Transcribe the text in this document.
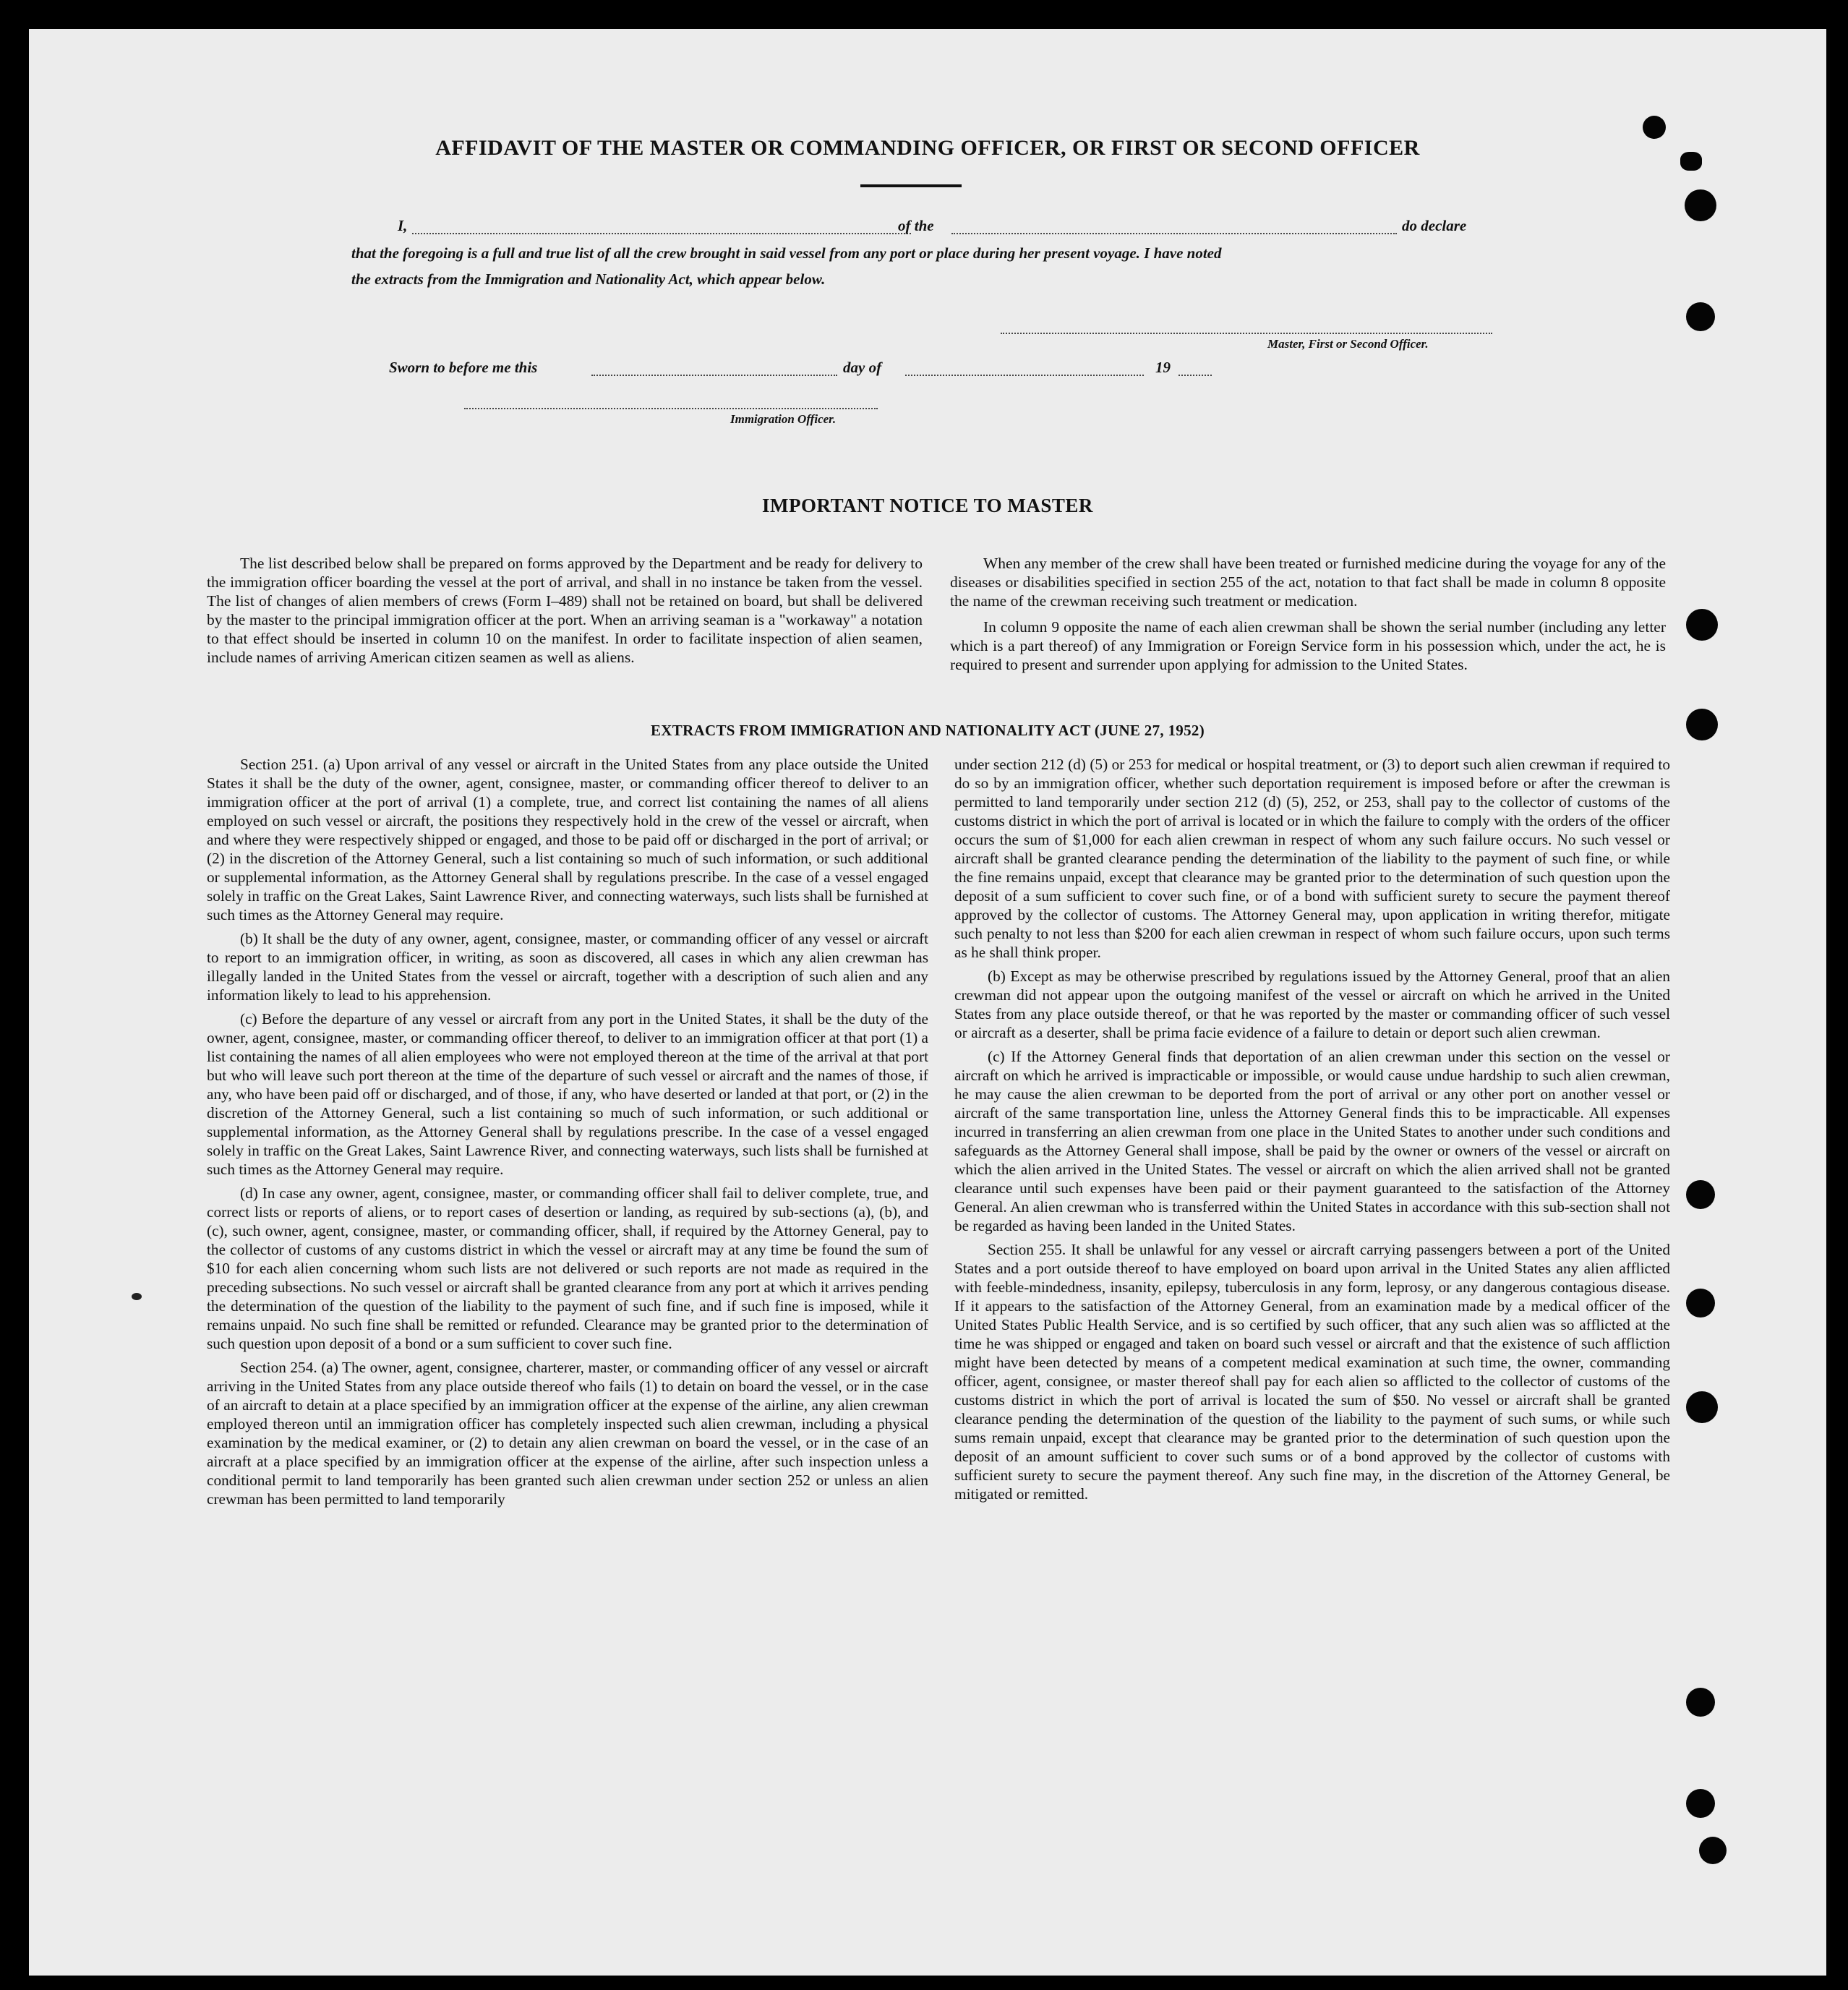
AFFIDAVIT OF THE MASTER OR COMMANDING OFFICER, OR FIRST OR SECOND OFFICER
I,	of the	do declare
that the foregoing is a full and true list of all the crew brought in said vessel from any port or place during her present voyage. I have noted
the extracts from the Immigration and Nationality Act, which appear below.
Master, First or Second Officer.
Sworn to before me this	day of	19
Immigration Officer.
IMPORTANT NOTICE TO MASTER

The list described below shall be prepared on forms approved by the Department and be ready for delivery to the immigration officer boarding the vessel at the port of arrival, and shall in no instance be taken from the vessel. The list of changes of alien members of crews (Form I–489) shall not be retained on board, but shall be delivered by the master to the principal immigration officer at the port. When an arriving seaman is a "workaway" a notation to that effect should be inserted in column 10 on the manifest. In order to facilitate inspection of alien seamen, include names of arriving American citizen seamen as well as aliens.

When any member of the crew shall have been treated or furnished medicine during the voyage for any of the diseases or disabilities specified in section 255 of the act, notation to that fact shall be made in column 8 opposite the name of the crewman receiving such treatment or medication.

In column 9 opposite the name of each alien crewman shall be shown the serial number (including any letter which is a part thereof) of any Immigration or Foreign Service form in his possession which, under the act, he is required to present and surrender upon applying for admission to the United States.

EXTRACTS FROM IMMIGRATION AND NATIONALITY ACT (JUNE 27, 1952)

Section 251. (a) Upon arrival of any vessel or aircraft in the United States from any place outside the United States it shall be the duty of the owner, agent, consignee, master, or commanding officer thereof to deliver to an immigration officer at the port of arrival (1) a complete, true, and correct list containing the names of all aliens employed on such vessel or aircraft, the positions they respectively hold in the crew of the vessel or aircraft, when and where they were respectively shipped or engaged, and those to be paid off or discharged in the port of arrival; or (2) in the discretion of the Attorney General, such a list containing so much of such information, or such additional or supplemental information, as the Attorney General shall by regulations prescribe. In the case of a vessel engaged solely in traffic on the Great Lakes, Saint Lawrence River, and connecting waterways, such lists shall be furnished at such times as the Attorney General may require.

(b) It shall be the duty of any owner, agent, consignee, master, or commanding officer of any vessel or aircraft to report to an immigration officer, in writing, as soon as discovered, all cases in which any alien crewman has illegally landed in the United States from the vessel or aircraft, together with a description of such alien and any information likely to lead to his apprehension.

(c) Before the departure of any vessel or aircraft from any port in the United States, it shall be the duty of the owner, agent, consignee, master, or commanding officer thereof, to deliver to an immigration officer at that port (1) a list containing the names of all alien employees who were not employed thereon at the time of the arrival at that port but who will leave such port thereon at the time of the departure of such vessel or aircraft and the names of those, if any, who have been paid off or discharged, and of those, if any, who have deserted or landed at that port, or (2) in the discretion of the Attorney General, such a list containing so much of such information, or such additional or supplemental information, as the Attorney General shall by regulations prescribe. In the case of a vessel engaged solely in traffic on the Great Lakes, Saint Lawrence River, and connecting waterways, such lists shall be furnished at such times as the Attorney General may require.

(d) In case any owner, agent, consignee, master, or commanding officer shall fail to deliver complete, true, and correct lists or reports of aliens, or to report cases of desertion or landing, as required by sub-sections (a), (b), and (c), such owner, agent, consignee, master, or commanding officer, shall, if required by the Attorney General, pay to the collector of customs of any customs district in which the vessel or aircraft may at any time be found the sum of $10 for each alien concerning whom such lists are not delivered or such reports are not made as required in the preceding subsections. No such vessel or aircraft shall be granted clearance from any port at which it arrives pending the determination of the question of the liability to the payment of such fine, and if such fine is imposed, while it remains unpaid. No such fine shall be remitted or refunded. Clearance may be granted prior to the determination of such question upon deposit of a bond or a sum sufficient to cover such fine.

Section 254. (a) The owner, agent, consignee, charterer, master, or commanding officer of any vessel or aircraft arriving in the United States from any place outside thereof who fails (1) to detain on board the vessel, or in the case of an aircraft to detain at a place specified by an immigration officer at the expense of the airline, any alien crewman employed thereon until an immigration officer has completely inspected such alien crewman, including a physical examination by the medical examiner, or (2) to detain any alien crewman on board the vessel, or in the case of an aircraft at a place specified by an immigration officer at the expense of the airline, after such inspection unless a conditional permit to land temporarily has been granted such alien crewman under section 252 or unless an alien crewman has been permitted to land temporarily

under section 212 (d) (5) or 253 for medical or hospital treatment, or (3) to deport such alien crewman if required to do so by an immigration officer, whether such deportation requirement is imposed before or after the crewman is permitted to land temporarily under section 212 (d) (5), 252, or 253, shall pay to the collector of customs of the customs district in which the port of arrival is located or in which the failure to comply with the orders of the officer occurs the sum of $1,000 for each alien crewman in respect of whom any such failure occurs. No such vessel or aircraft shall be granted clearance pending the determination of the liability to the payment of such fine, or while the fine remains unpaid, except that clearance may be granted prior to the determination of such question upon the deposit of a sum sufficient to cover such fine, or of a bond with sufficient surety to secure the payment thereof approved by the collector of customs. The Attorney General may, upon application in writing therefor, mitigate such penalty to not less than $200 for each alien crewman in respect of whom such failure occurs, upon such terms as he shall think proper.

(b) Except as may be otherwise prescribed by regulations issued by the Attorney General, proof that an alien crewman did not appear upon the outgoing manifest of the vessel or aircraft on which he arrived in the United States from any place outside thereof, or that he was reported by the master or commanding officer of such vessel or aircraft as a deserter, shall be prima facie evidence of a failure to detain or deport such alien crewman.

(c) If the Attorney General finds that deportation of an alien crewman under this section on the vessel or aircraft on which he arrived is impracticable or impossible, or would cause undue hardship to such alien crewman, he may cause the alien crewman to be deported from the port of arrival or any other port on another vessel or aircraft of the same transportation line, unless the Attorney General finds this to be impracticable. All expenses incurred in transferring an alien crewman from one place in the United States to another under such conditions and safeguards as the Attorney General shall impose, shall be paid by the owner or owners of the vessel or aircraft on which the alien arrived in the United States. The vessel or aircraft on which the alien arrived shall not be granted clearance until such expenses have been paid or their payment guaranteed to the satisfaction of the Attorney General. An alien crewman who is transferred within the United States in accordance with this sub-section shall not be regarded as having been landed in the United States.

Section 255. It shall be unlawful for any vessel or aircraft carrying passengers between a port of the United States and a port outside thereof to have employed on board upon arrival in the United States any alien afflicted with feeble-mindedness, insanity, epilepsy, tuberculosis in any form, leprosy, or any dangerous contagious disease. If it appears to the satisfaction of the Attorney General, from an examination made by a medical officer of the United States Public Health Service, and is so certified by such officer, that any such alien was so afflicted at the time he was shipped or engaged and taken on board such vessel or aircraft and that the existence of such affliction might have been detected by means of a competent medical examination at such time, the owner, commanding officer, agent, consignee, or master thereof shall pay for each alien so afflicted to the collector of customs of the customs district in which the port of arrival is located the sum of $50. No vessel or aircraft shall be granted clearance pending the determination of the question of the liability to the payment of such sums, or while such sums remain unpaid, except that clearance may be granted prior to the determination of such question upon the deposit of an amount sufficient to cover such sums or of a bond approved by the collector of customs with sufficient surety to secure the payment thereof. Any such fine may, in the discretion of the Attorney General, be mitigated or remitted.
